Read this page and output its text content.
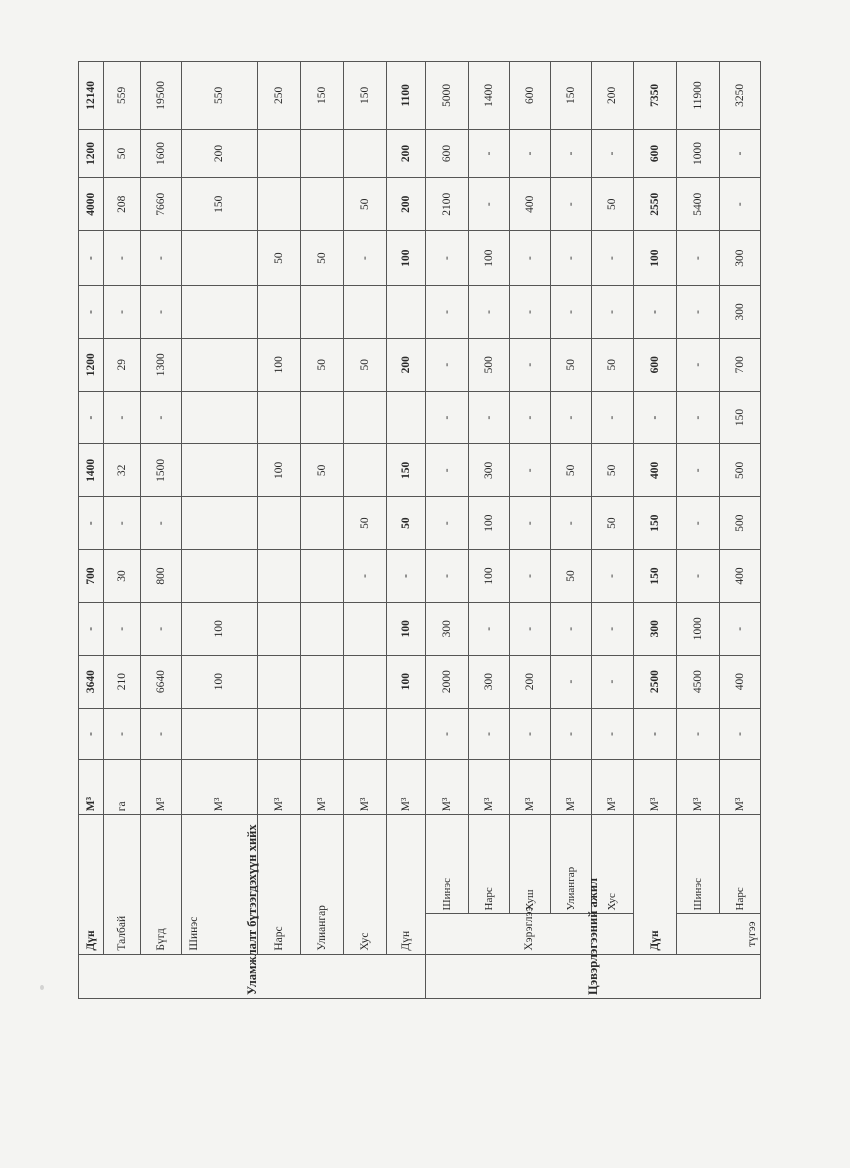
Уламжлалт бүтээгдэхүүн хийх	Дүн		М³	-	3640	-	700	-	1400	-	1200	-	-	4000	1200	12140
	Талбай		га	-	210	-	30	-	32	-	29	-	-	208	50	559
	Бүгд		М³	-	6640	-	800	-	1500	-	1300	-	-	7660	1600	19500
	Шинэс		М³		100	100								150	200	550
	Нарс		М³						100		100		50			250
	Улиангар		М³						50		50		50			150
	Хус		М³				-	50			50		-	50		150
	Дүн		М³		100	100	-	50	150		200		100	200	200	1100
Цэвэрлэгээний ажил	Хэрэглээ	Шинэс	М³	-	2000	300	-	-	-	-	-	-	-	2100	600	5000
		Нарс	М³	-	300	-	100	100	300	-	500	-	100	-	-	1400
		Хуш	М³	-	200	-	-	-	-	-	-	-	-	400	-	600
		Улиангар	М³	-	-	-	50	-	50	-	50	-	-	-	-	150
		Хус	М³	-	-	-	-	50	50	-	50	-	-	50	-	200
	Дүн		М³	-	2500	300	150	150	400	-	600	-	100	2550	600	7350
	түгээ	Шинэс	М³	-	4500	1000	-	-	-	-	-	-	-	5400	1000	11900
		Нарс	М³	-	400	-	400	500	500	150	700	300	300	-	-	3250
